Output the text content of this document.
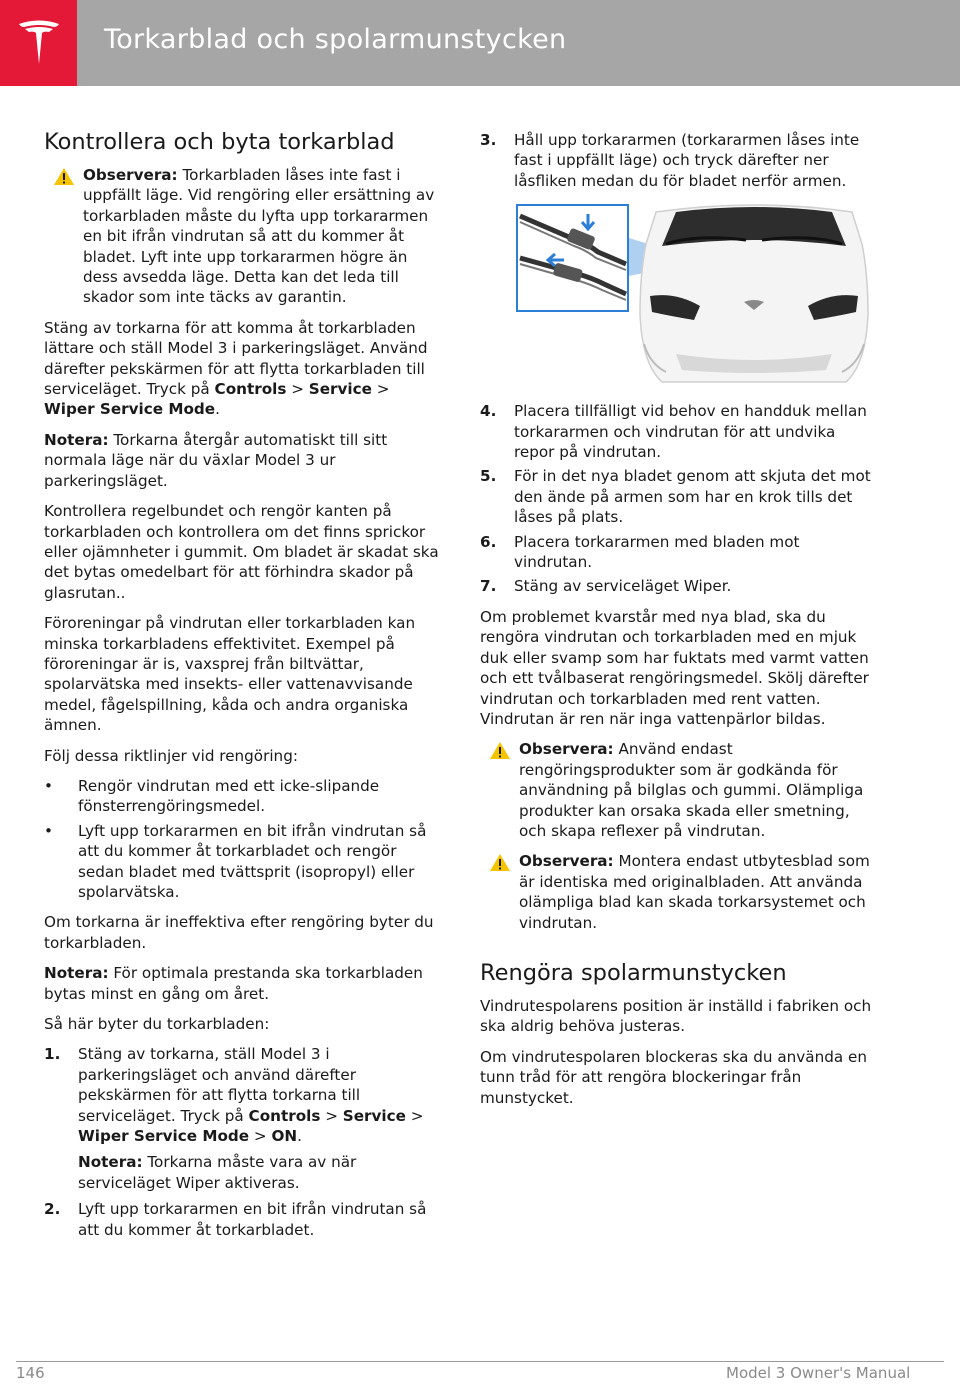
Torkarblad och spolarmunstycken
Kontrollera och byta torkarblad
Observera: Torkarbladen låses inte fast i uppfällt läge. Vid rengöring eller ersättning av torkarbladen måste du lyfta upp torkararmen en bit ifrån vindrutan så att du kommer åt bladet. Lyft inte upp torkararmen högre än dess avsedda läge. Detta kan det leda till skador som inte täcks av garantin.

Stäng av torkarna för att komma åt torkarbladen lättare och ställ Model 3 i parkeringsläget. Använd därefter pekskärmen för att flytta torkarbladen till serviceläget. Tryck på Controls > Service > Wiper Service Mode.

Notera: Torkarna återgår automatiskt till sitt normala läge när du växlar Model 3 ur parkeringsläget.

Kontrollera regelbundet och rengör kanten på torkarbladen och kontrollera om det finns sprickor eller ojämnheter i gummit. Om bladet är skadat ska det bytas omedelbart för att förhindra skador på glasrutan..

Föroreningar på vindrutan eller torkarbladen kan minska torkarbladens effektivitet. Exempel på föroreningar är is, vaxsprej från biltvättar, spolarvätska med insekts- eller vattenavvisande medel, fågelspillning, kåda och andra organiska ämnen.

Följ dessa riktlinjer vid rengöring:

• Rengör vindrutan med ett icke-slipande fönsterrengöringsmedel.
• Lyft upp torkararmen en bit ifrån vindrutan så att du kommer åt torkarbladet och rengör sedan bladet med tvättsprit (isopropyl) eller spolarvätska.

Om torkarna är ineffektiva efter rengöring byter du torkarbladen.

Notera: För optimala prestanda ska torkarbladen bytas minst en gång om året.

Så här byter du torkarbladen:

1. Stäng av torkarna, ställ Model 3 i parkeringsläget och använd därefter pekskärmen för att flytta torkarna till serviceläget. Tryck på Controls > Service > Wiper Service Mode > ON.

Notera: Torkarna måste vara av när serviceläget Wiper aktiveras.

2. Lyft upp torkararmen en bit ifrån vindrutan så att du kommer åt torkarbladet.
3. Håll upp torkararmen (torkararmen låses inte fast i uppfällt läge) och tryck därefter ner låsfliken medan du för bladet nerför armen.
4. Placera tillfälligt vid behov en handduk mellan torkararmen och vindrutan för att undvika repor på vindrutan.
5. För in det nya bladet genom att skjuta det mot den ände på armen som har en krok tills det låses på plats.
6. Placera torkararmen med bladen mot vindrutan.
7. Stäng av serviceläget Wiper.

Om problemet kvarstår med nya blad, ska du rengöra vindrutan och torkarbladen med en mjuk duk eller svamp som har fuktats med varmt vatten och ett tvålbaserat rengöringsmedel. Skölj därefter vindrutan och torkarbladen med rent vatten. Vindrutan är ren när inga vattenpärlor bildas.

Observera: Använd endast rengöringsprodukter som är godkända för användning på bilglas och gummi. Olämpliga produkter kan orsaka skada eller smetning, och skapa reflexer på vindrutan.
Observera: Montera endast utbytesblad som är identiska med originalbladen. Att använda olämpliga blad kan skada torkarsystemet och vindrutan.
Rengöra spolarmunstycken

Vindrutespolarens position är inställd i fabriken och ska aldrig behöva justeras.

Om vindrutespolaren blockeras ska du använda en tunn tråd för att rengöra blockeringar från munstycket.

146	Model 3 Owner's Manual
